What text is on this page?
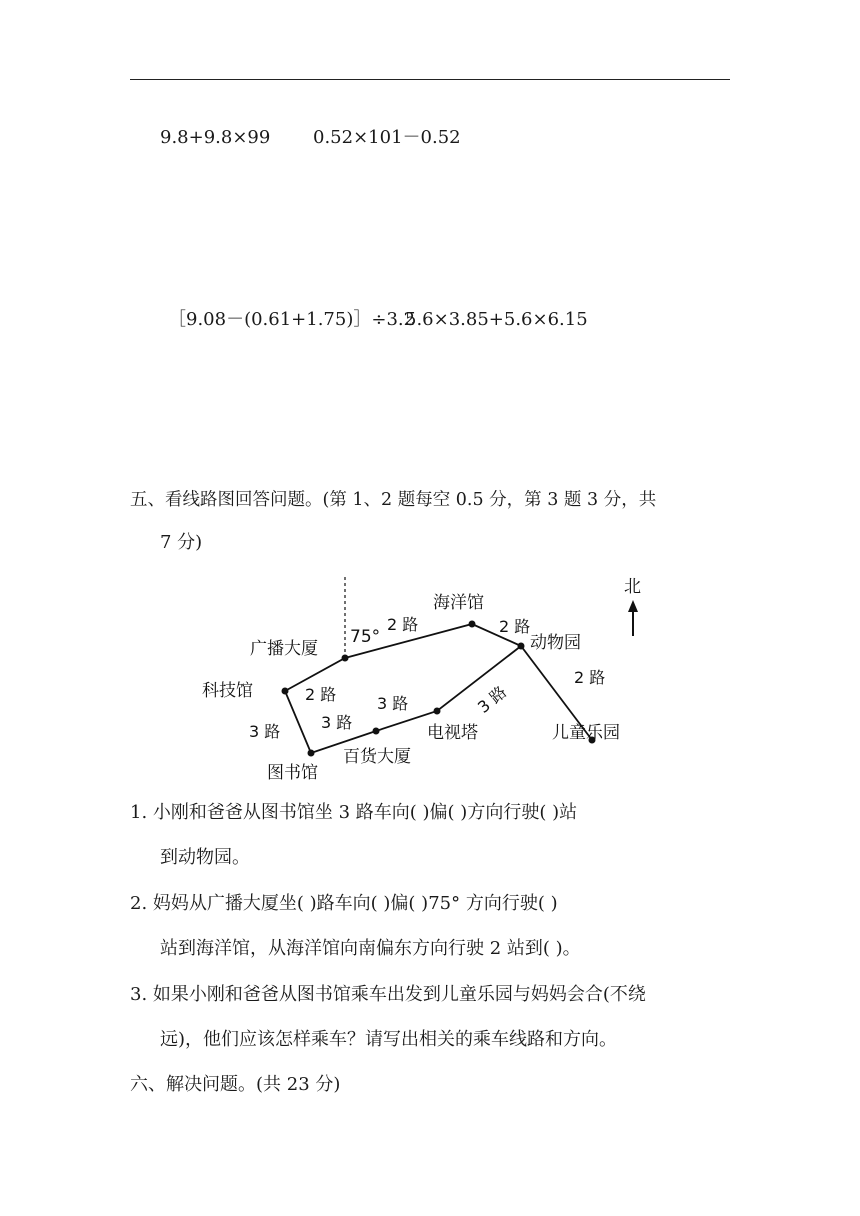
9.8+9.8×99 0.52×101－0.52
［9.08－(0.61+1.75)］÷3.2
5.6×3.85+5.6×6.15
五、看线路图回答问题。(第 1、2 题每空 0.5 分，第 3 题 3 分，共
7 分)
北
75°
广播大厦
海洋馆
动物园
科技馆
图书馆
百货大厦
电视塔	儿童乐园
2 路	2 路
2 路
2 路
3 路	3 路
3 路	3 路
1. 小刚和爸爸从图书馆坐 3 路车向( )偏( )方向行驶( )站
到动物园。
2. 妈妈从广播大厦坐( )路车向( )偏( )75° 方向行驶( )
站到海洋馆，从海洋馆向南偏东方向行驶 2 站到( )。
3. 如果小刚和爸爸从图书馆乘车出发到儿童乐园与妈妈会合(不绕
远)，他们应该怎样乘车？请写出相关的乘车线路和方向。
六、解决问题。(共 23 分)
